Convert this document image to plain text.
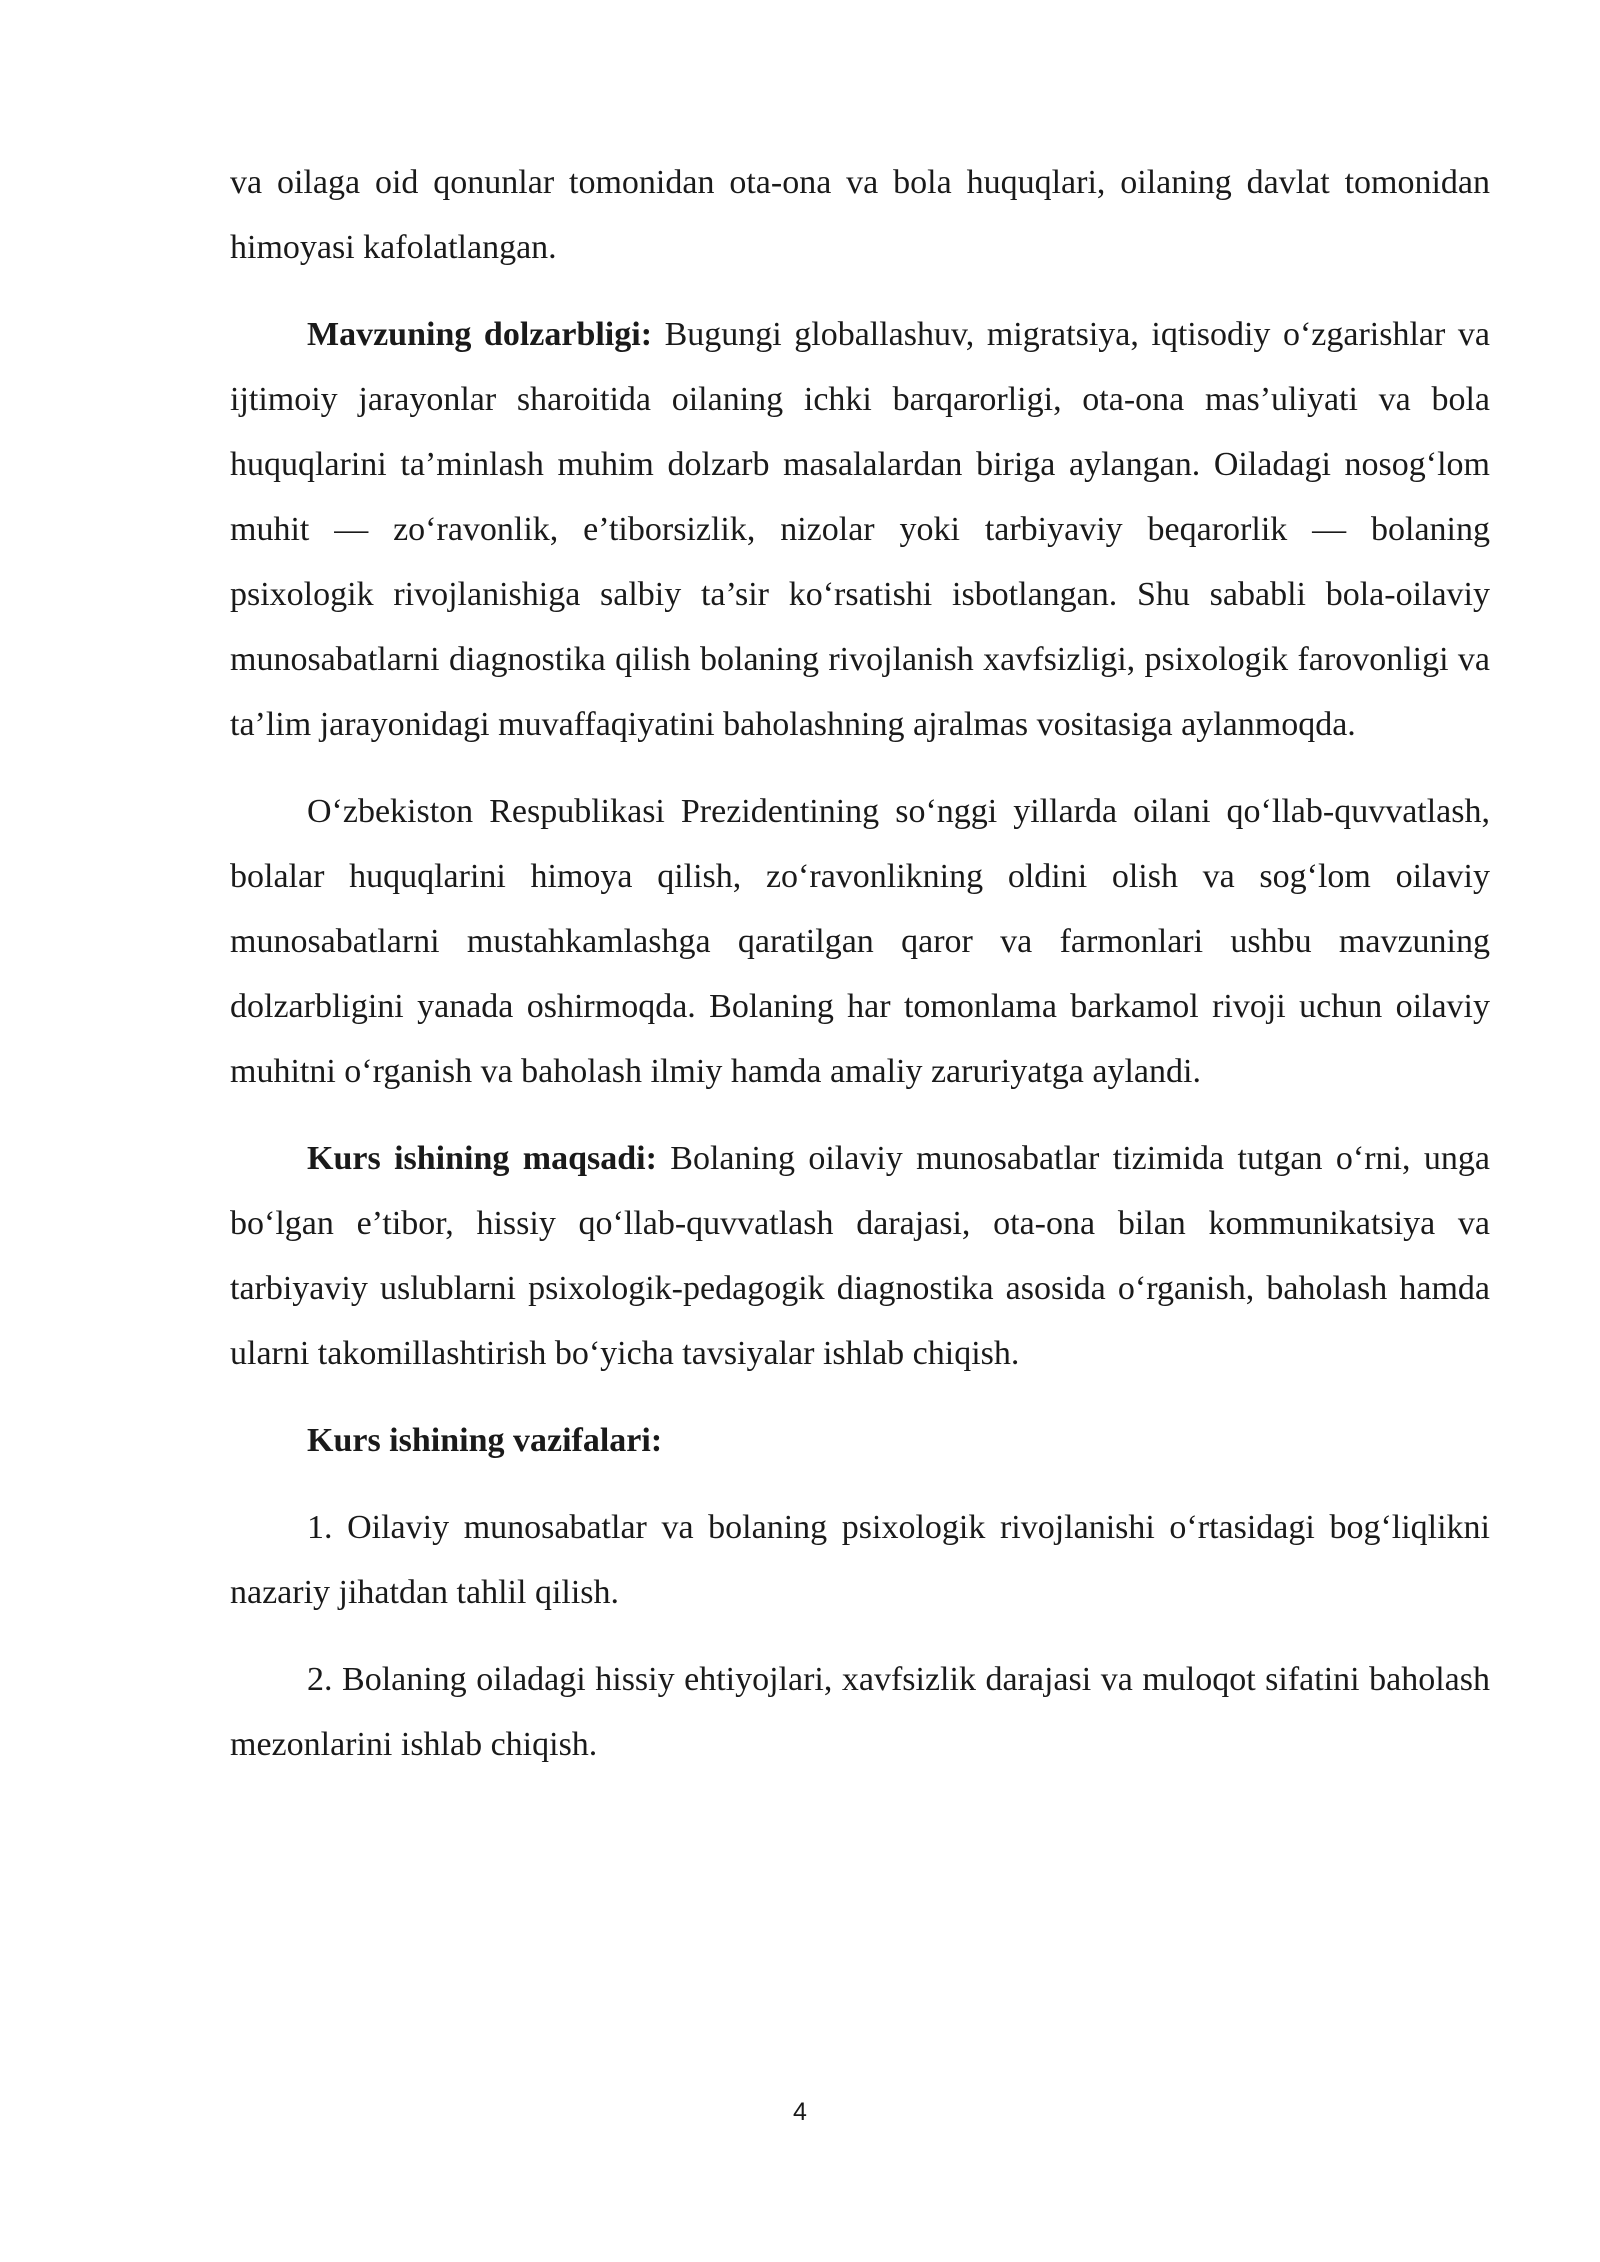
va oilaga oid qonunlar tomonidan ota-ona va bola huquqlari, oilaning davlat tomonidan himoyasi kafolatlangan.

Mavzuning dolzarbligi: Bugungi globallashuv, migratsiya, iqtisodiy o‘zgarishlar va ijtimoiy jarayonlar sharoitida oilaning ichki barqarorligi, ota-ona mas’uliyati va bola huquqlarini ta’minlash muhim dolzarb masalalardan biriga aylangan. Oiladagi nosog‘lom muhit — zo‘ravonlik, e’tiborsizlik, nizolar yoki tarbiyaviy beqarorlik — bolaning psixologik rivojlanishiga salbiy ta’sir ko‘rsatishi isbotlangan. Shu sababli bola-oilaviy munosabatlarni diagnostika qilish bolaning rivojlanish xavfsizligi, psixologik farovonligi va ta’lim jarayonidagi muvaffaqiyatini baholashning ajralmas vositasiga aylanmoqda.

O‘zbekiston Respublikasi Prezidentining so‘nggi yillarda oilani qo‘llab-quvvatlash, bolalar huquqlarini himoya qilish, zo‘ravonlikning oldini olish va sog‘lom oilaviy munosabatlarni mustahkamlashga qaratilgan qaror va farmonlari ushbu mavzuning dolzarbligini yanada oshirmoqda. Bolaning har tomonlama barkamol rivoji uchun oilaviy muhitni o‘rganish va baholash ilmiy hamda amaliy zaruriyatga aylandi.

Kurs ishining maqsadi: Bolaning oilaviy munosabatlar tizimida tutgan o‘rni, unga bo‘lgan e’tibor, hissiy qo‘llab-quvvatlash darajasi, ota-ona bilan kommunikatsiya va tarbiyaviy uslublarni psixologik-pedagogik diagnostika asosida o‘rganish, baholash hamda ularni takomillashtirish bo‘yicha tavsiyalar ishlab chiqish.

Kurs ishining vazifalari:

1. Oilaviy munosabatlar va bolaning psixologik rivojlanishi o‘rtasidagi bog‘liqlikni nazariy jihatdan tahlil qilish.

2. Bolaning oiladagi hissiy ehtiyojlari, xavfsizlik darajasi va muloqot sifatini baholash mezonlarini ishlab chiqish.

4
